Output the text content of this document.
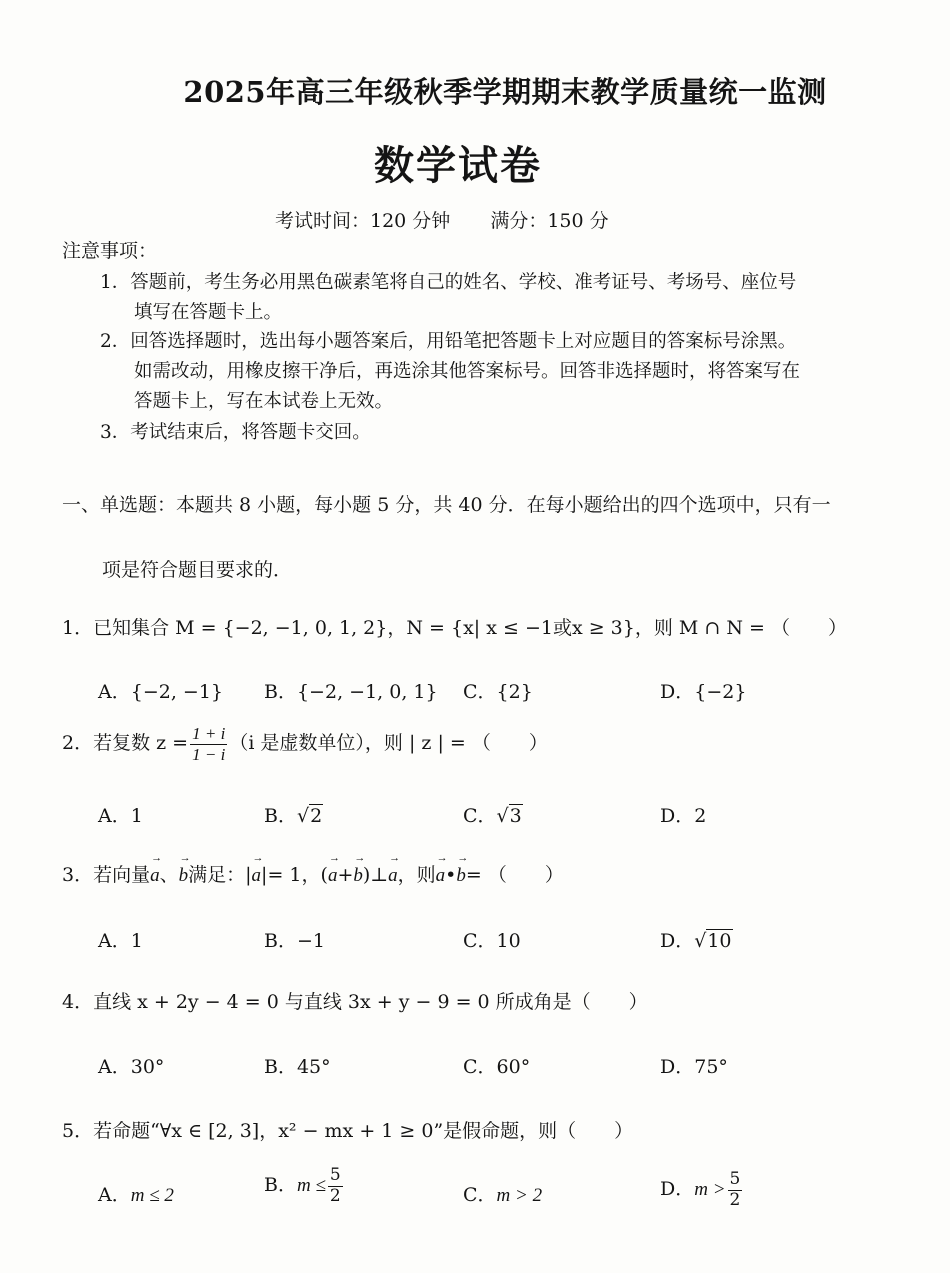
2025年高三年级秋季学期期末教学质量统一监测
数学试卷
考试时间：120 分钟 满分：150 分
注意事项：
1．答题前，考生务必用黑色碳素笔将自己的姓名、学校、准考证号、考场号、座位号
填写在答题卡上。
2．回答选择题时，选出每小题答案后，用铅笔把答题卡上对应题目的答案标号涂黑。
如需改动，用橡皮擦干净后，再选涂其他答案标号。回答非选择题时，将答案写在
答题卡上，写在本试卷上无效。
3．考试结束后，将答题卡交回。
一、单选题：本题共 8 小题，每小题 5 分，共 40 分．在每小题给出的四个选项中，只有一
项是符合题目要求的．
1．已知集合 M = {−2, −1, 0, 1, 2}，N = {x| x ≤ −1或x ≥ 3}，则 M ∩ N = （　　）
A．{−2, −1} B．{−2, −1, 0, 1} C．{2}	D．{−2}
2．若复数 $z = \frac{1 + i}{1 - i} (i$ 是虚数单位），则 | z | = （　　）
A．1	B．√2	C．√3	D．2
3．若向量→ a、→ b满足：|→ a|= 1，(→ a+→ b)⊥→ a，则→ a•→ b= （　　）
A．1	B．−1	C．10	D．√10
4．直线 x + 2y − 4 = 0 与直线 3x + y − 9 = 0 所成角是（　　）
A．30°	B．45°	C．60°	D．75°
5．若命题“∀x ∈ [2, 3]，x² − mx + 1 ≥ 0”是假命题，则（　　）
A．m ≤ 2	B．$m \le \frac{5}{2}$	C．m > 2	D．$m > \frac{5}{2}$
